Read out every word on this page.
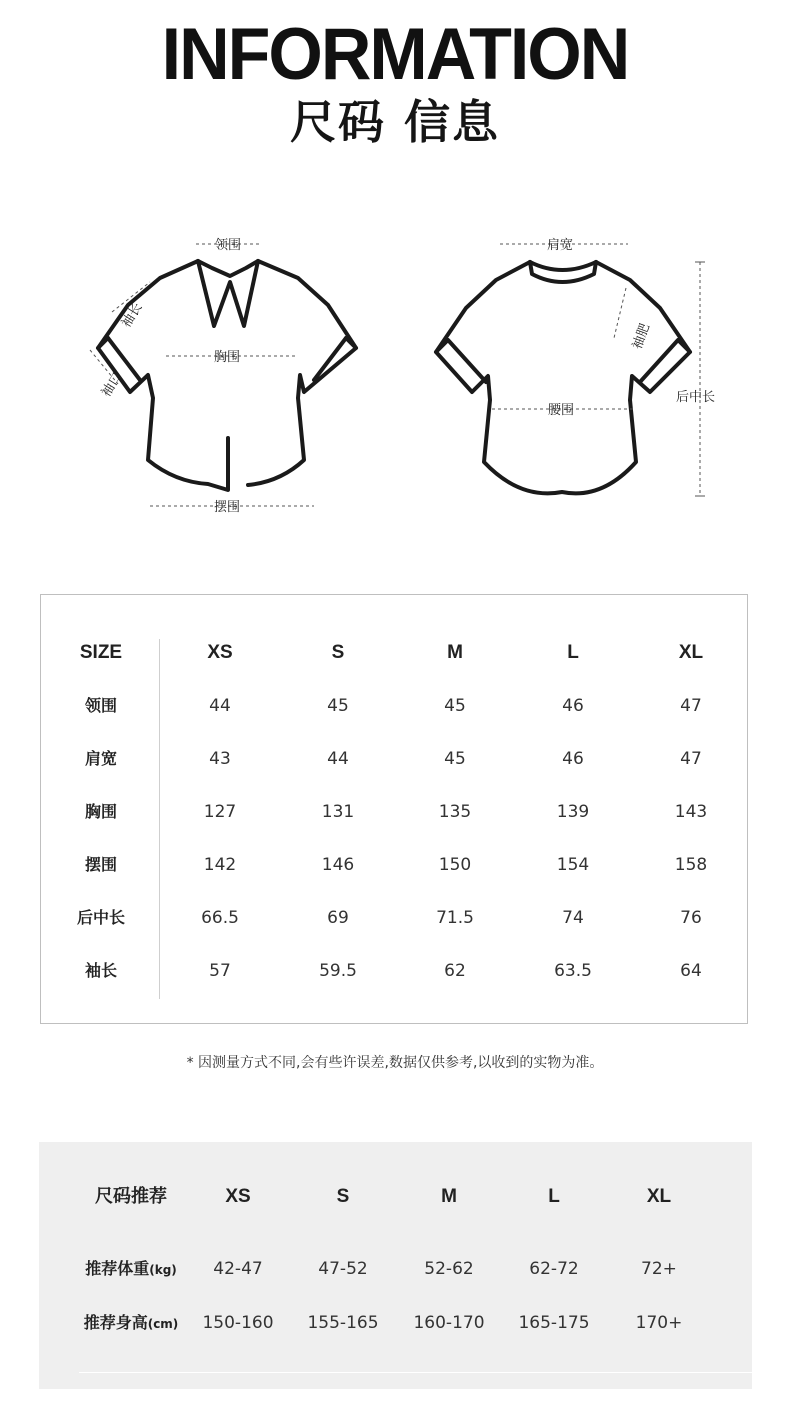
INFORMATION
尺码 信息
领围
袖长
袖口
胸围
摆围
肩宽
袖肥
腰围
后中长
SIZE	XS	S	M	L	XL
领围	44	45	45	46	47
肩宽	43	44	45	46	47
胸围	127	131	135	139	143
摆围	142	146	150	154	158
后中长	66.5	69	71.5	74	76
袖长	57	59.5	62	63.5	64
* 因测量方式不同,会有些许误差,数据仅供参考,以收到的实物为准。
尺码推荐	XS	S	M	L	XL
推荐体重(kg)	42-47	47-52	52-62	62-72	72+
推荐身高(cm)	150-160	155-165	160-170	165-175	170+
